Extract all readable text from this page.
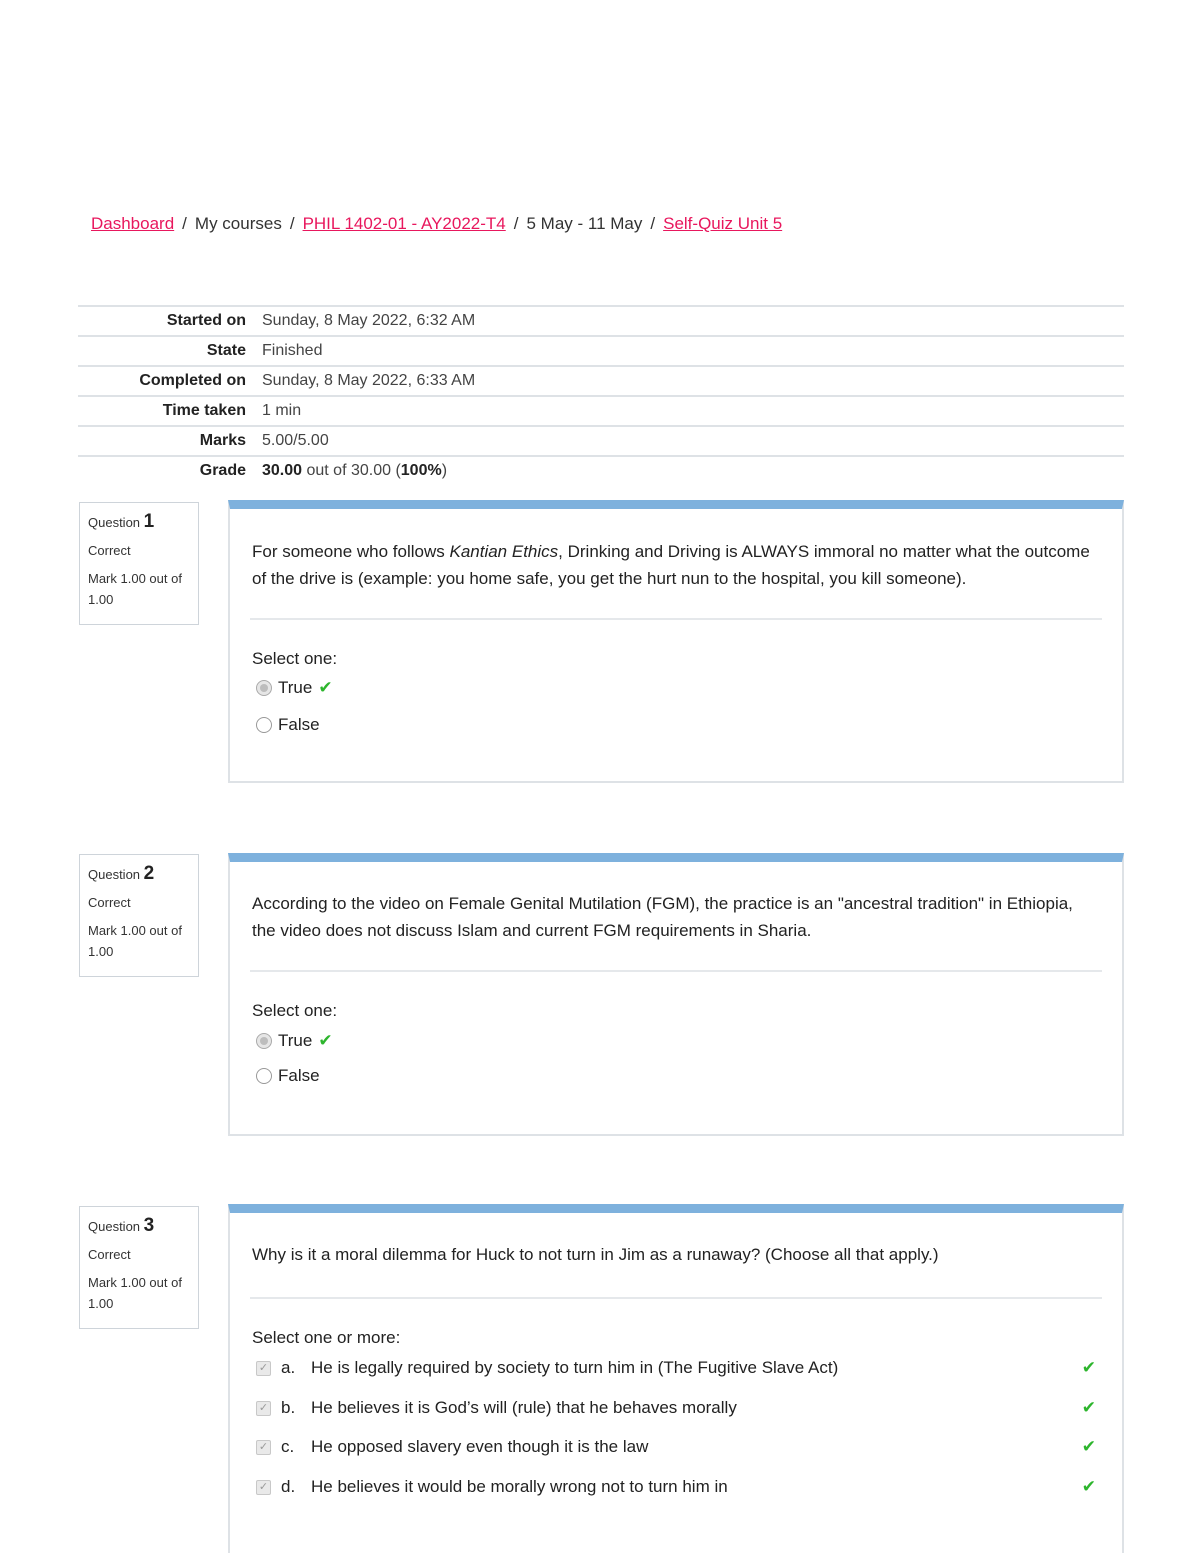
Dashboard / My courses / PHIL 1402-01 - AY2022-T4 / 5 May - 11 May / Self-Quiz Unit 5
Started on	Sunday, 8 May 2022, 6:32 AM
State	Finished
Completed on	Sunday, 8 May 2022, 6:33 AM
Time taken	1 min
Marks	5.00/5.00
Grade	30.00 out of 30.00 (100%)
Question 1
Correct
Mark 1.00 out of 1.00
For someone who follows Kantian Ethics, Drinking and Driving is ALWAYS immoral no matter what the outcome of the drive is (example: you home safe, you get the hurt nun to the hospital, you kill someone).
Select one:
True ✔
False
Question 2
Correct
Mark 1.00 out of 1.00
According to the video on Female Genital Mutilation (FGM), the practice is an "ancestral tradition" in Ethiopia, the video does not discuss Islam and current FGM requirements in Sharia.
Select one:
True ✔
False
Question 3
Correct
Mark 1.00 out of 1.00
Why is it a moral dilemma for Huck to not turn in Jim as a runaway? (Choose all that apply.)
Select one or more:
✓ a. He is legally required by society to turn him in (The Fugitive Slave Act)	✔
✓ b. He believes it is God’s will (rule) that he behaves morally	✔
✓ c. He opposed slavery even though it is the law	✔
✓ d. He believes it would be morally wrong not to turn him in	✔
